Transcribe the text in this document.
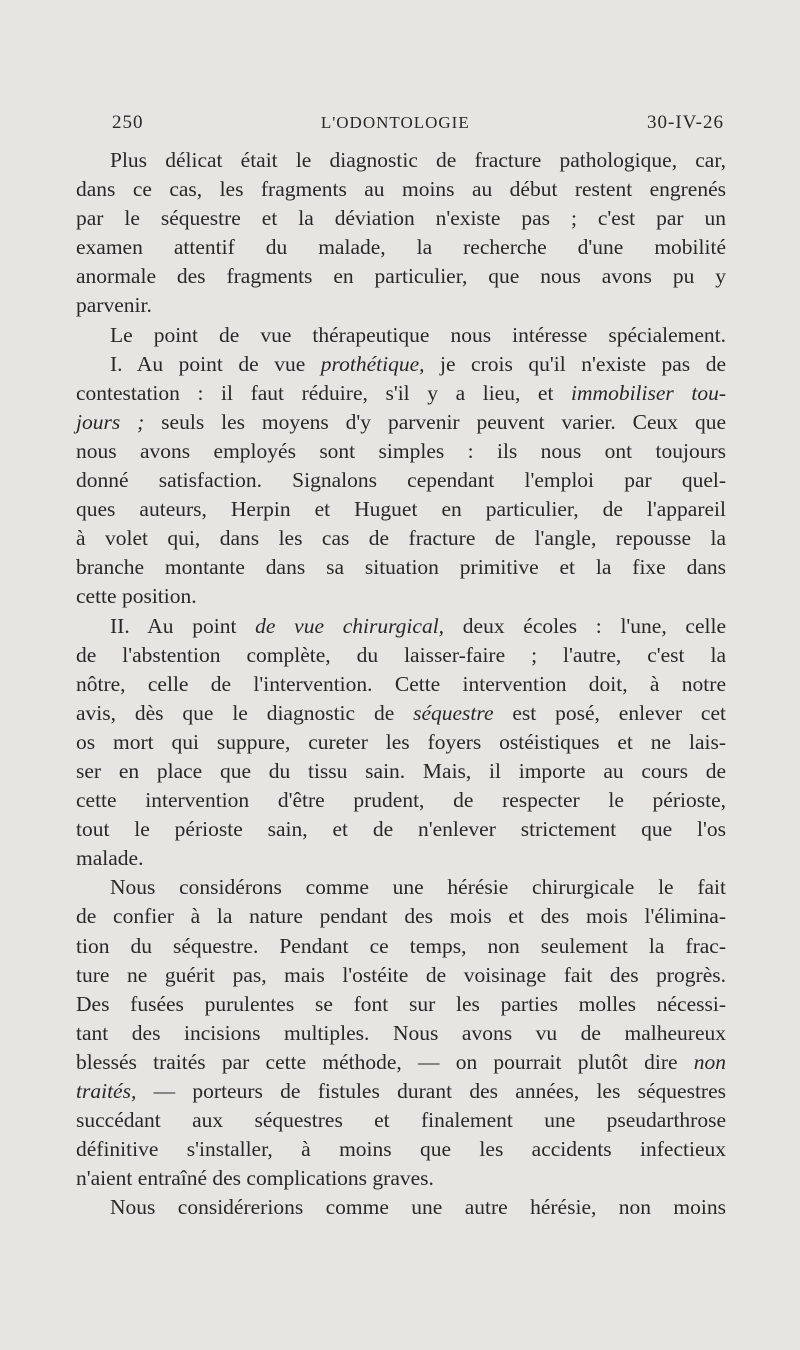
250	L'ODONTOLOGIE	30-IV-26
Plus délicat était le diagnostic de fracture pathologique, car,
dans ce cas, les fragments au moins au début restent engrenés
par le séquestre et la déviation n'existe pas ; c'est par un
examen attentif du malade, la recherche d'une mobilité
anormale des fragments en particulier, que nous avons pu y
parvenir.
Le point de vue thérapeutique nous intéresse spécialement.
I. Au point de vue prothétique, je crois qu'il n'existe pas de
contestation : il faut réduire, s'il y a lieu, et immobiliser tou-
jours ; seuls les moyens d'y parvenir peuvent varier. Ceux que
nous avons employés sont simples : ils nous ont toujours
donné satisfaction. Signalons cependant l'emploi par quel-
ques auteurs, Herpin et Huguet en particulier, de l'appareil
à volet qui, dans les cas de fracture de l'angle, repousse la
branche montante dans sa situation primitive et la fixe dans
cette position.
II. Au point de vue chirurgical, deux écoles : l'une, celle
de l'abstention complète, du laisser-faire ; l'autre, c'est la
nôtre, celle de l'intervention. Cette intervention doit, à notre
avis, dès que le diagnostic de séquestre est posé, enlever cet
os mort qui suppure, cureter les foyers ostéistiques et ne lais-
ser en place que du tissu sain. Mais, il importe au cours de
cette intervention d'être prudent, de respecter le périoste,
tout le périoste sain, et de n'enlever strictement que l'os
malade.
Nous considérons comme une hérésie chirurgicale le fait
de confier à la nature pendant des mois et des mois l'élimina-
tion du séquestre. Pendant ce temps, non seulement la frac-
ture ne guérit pas, mais l'ostéite de voisinage fait des progrès.
Des fusées purulentes se font sur les parties molles nécessi-
tant des incisions multiples. Nous avons vu de malheureux
blessés traités par cette méthode, — on pourrait plutôt dire non
traités, — porteurs de fistules durant des années, les séquestres
succédant aux séquestres et finalement une pseudarthrose
définitive s'installer, à moins que les accidents infectieux
n'aient entraîné des complications graves.
Nous considérerions comme une autre hérésie, non moins
